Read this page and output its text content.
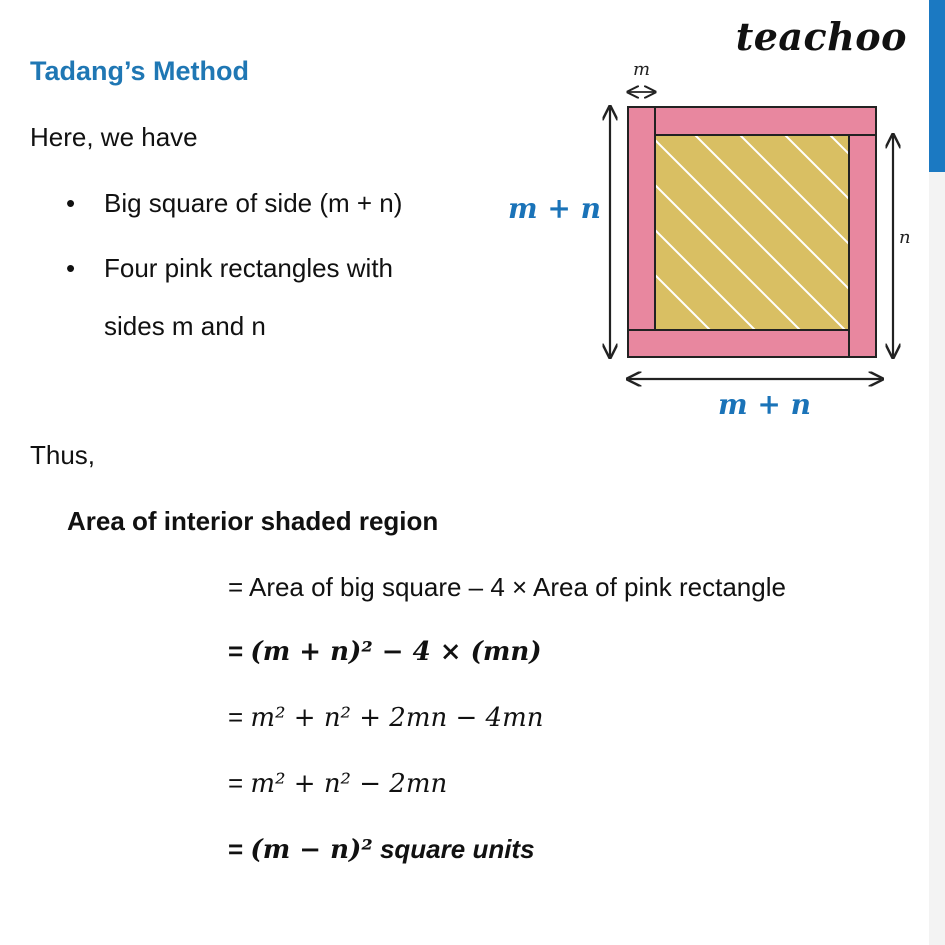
teachoo
Tadang’s Method
Here, we have
• Big square of side (m + n)
• Four pink rectangles with
sides m and n
Thus,
Area of interior shaded region
= Area of big square – 4 × Area of pink rectangle
= (m + n)² − 4 × (mn)
= m² + n² + 2mn − 4mn
= m² + n² − 2mn
= (m − n)² square units
m
m + n
n
m + n
